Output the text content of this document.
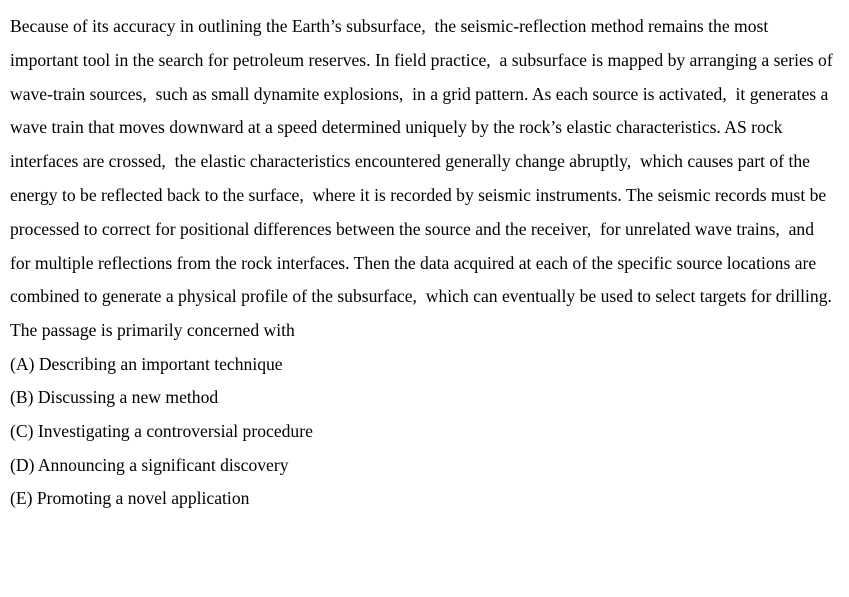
Because of its accuracy in outlining the Earth’s subsurface,  the seismic-reflection method remains the most important tool in the search for petroleum reserves. In field practice,  a subsurface is mapped by arranging a series of wave-train sources,  such as small dynamite explosions,  in a grid pattern. As each source is activated,  it generates a wave train that moves downward at a speed determined uniquely by the rock’s elastic characteristics. AS rock interfaces are crossed,  the elastic characteristics encountered generally change abruptly,  which causes part of the energy to be reflected back to the surface,  where it is recorded by seismic instruments. The seismic records must be processed to correct for positional differences between the source and the receiver,  for unrelated wave trains,  and for multiple reflections from the rock interfaces. Then the data acquired at each of the specific source locations are combined to generate a physical profile of the subsurface,  which can eventually be used to select targets for drilling.

The passage is primarily concerned with

(A) Describing an important technique
(B) Discussing a new method
(C) Investigating a controversial procedure
(D) Announcing a significant discovery
(E) Promoting a novel application
